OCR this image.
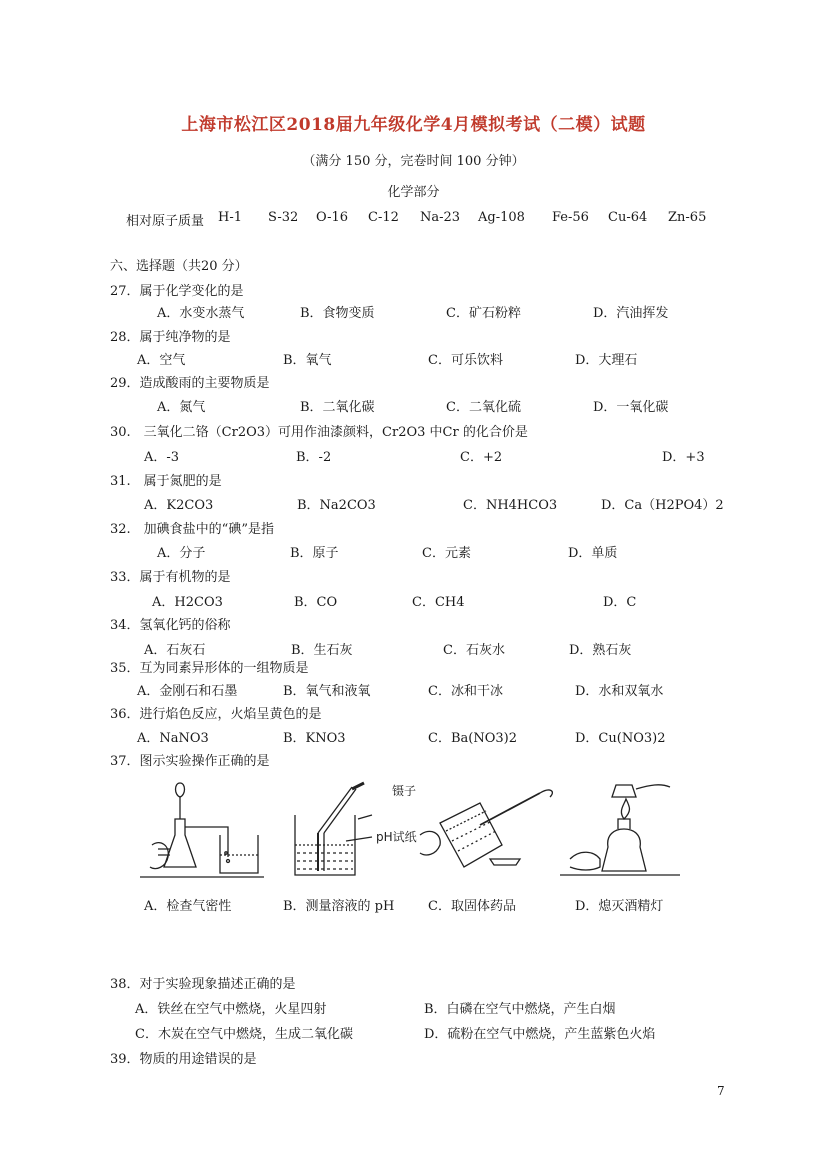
上海市松江区2018届九年级化学4月模拟考试（二模）试题
（满分 150 分，完卷时间 100 分钟）
化学部分
相对原子质量 H-1 S-32 O-16 C-12 Na-23 Ag-108 Fe-56 Cu-64 Zn-65
六、选择题（共20 分）
27．属于化学变化的是
A．水变水蒸气	B．食物变质	C．矿石粉粹	D．汽油挥发
28．属于纯净物的是
A．空气	B．氧气	C．可乐饮料	D．大理石
29．造成酸雨的主要物质是
A．氮气	B．二氧化碳	C．二氧化硫	D．一氧化碳
30.　三氧化二铬（Cr2O3）可用作油漆颜料，Cr2O3 中Cr 的化合价是
A．-3	B．-2	C．+2	D．+3
31.　属于氮肥的是
A．K2CO3	B．Na2CO3	C．NH4HCO3	D．Ca（H2PO4）2
32.　加碘食盐中的“碘”是指
A．分子	B．原子	C．元素	D．单质
33．属于有机物的是
A．H2CO3	B．CO	C．CH4	D．C
34．氢氧化钙的俗称
A．石灰石	B．生石灰	C．石灰水	D．熟石灰
35．互为同素异形体的一组物质是
A．金刚石和石墨	B．氧气和液氧	C．冰和干冰	D．水和双氧水
36．进行焰色反应，火焰呈黄色的是
A．NaNO3	B．KNO3	C．Ba(NO3)2	D．Cu(NO3)2
37．图示实验操作正确的是
镊子
pH试纸
A．检查气密性	B．测量溶液的 pH	C．取固体药品	D．熄灭酒精灯
38．对于实验现象描述正确的是
A．铁丝在空气中燃烧，火星四射	B．白磷在空气中燃烧，产生白烟
C．木炭在空气中燃烧，生成二氧化碳	D．硫粉在空气中燃烧，产生蓝紫色火焰
39．物质的用途错误的是
7
